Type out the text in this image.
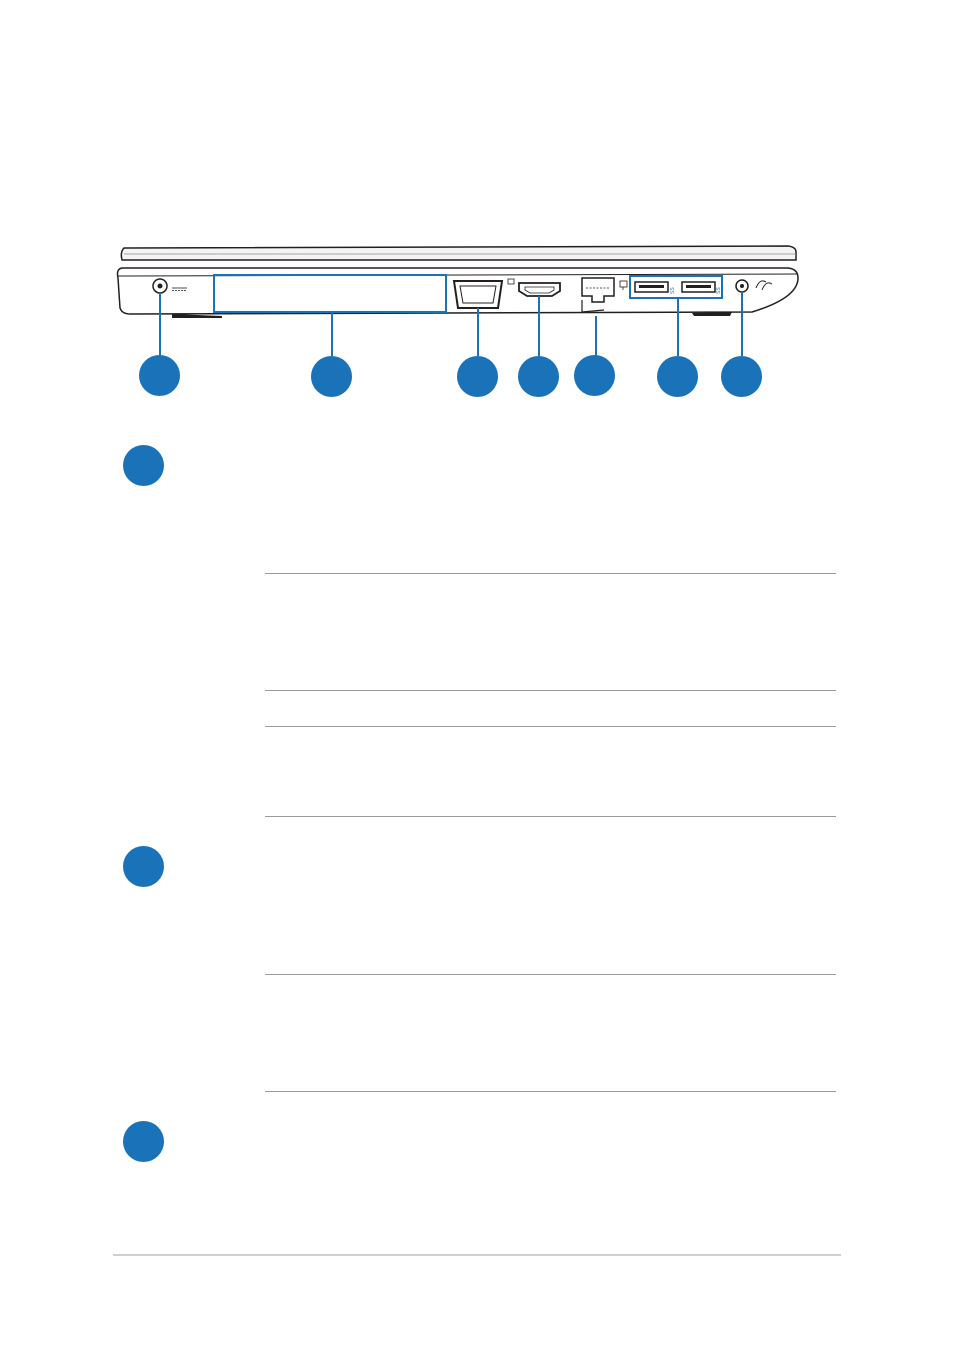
SS	SS
